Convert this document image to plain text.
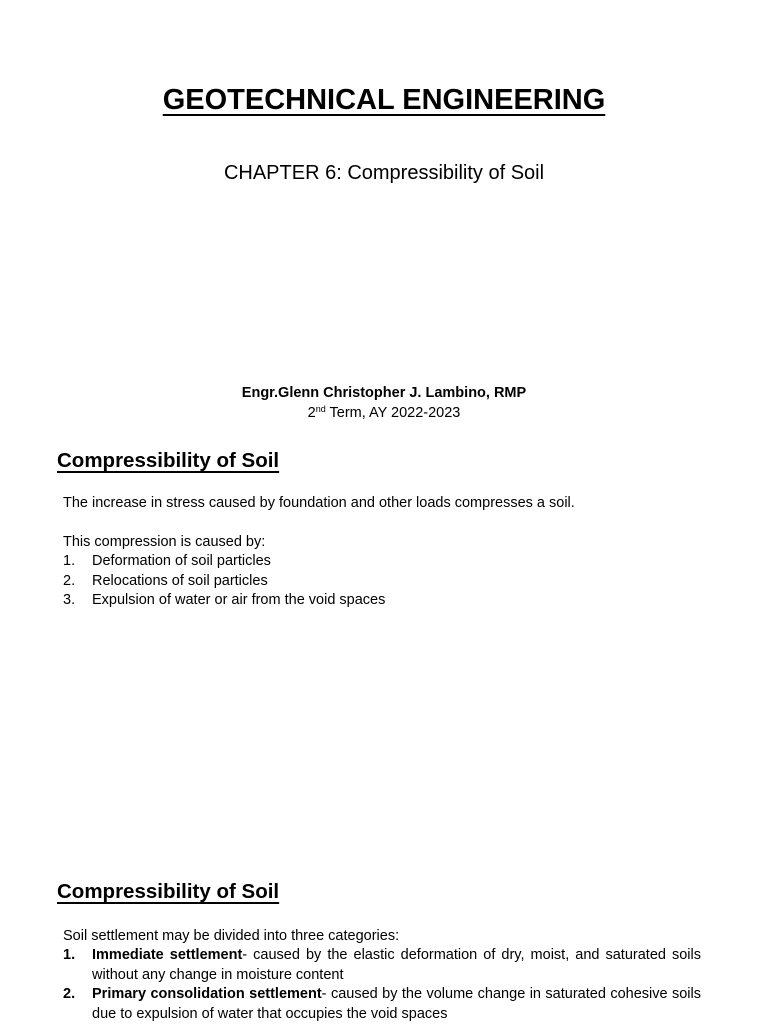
GEOTECHNICAL ENGINEERING

CHAPTER 6: Compressibility of Soil

Engr.Glenn Christopher J. Lambino, RMP

2nd Term, AY 2022-2023

Compressibility of Soil

The increase in stress caused by foundation and other loads compresses a soil.

This compression is caused by:

1. Deformation of soil particles
2. Relocations of soil particles
3. Expulsion of water or air from the void spaces
Compressibility of Soil

Soil settlement may be divided into three categories:

1. Immediate settlement- caused by the elastic deformation of dry, moist, and saturated soils without any change in moisture content
2. Primary consolidation settlement- caused by the volume change in saturated cohesive soils due to expulsion of water that occupies the void spaces
